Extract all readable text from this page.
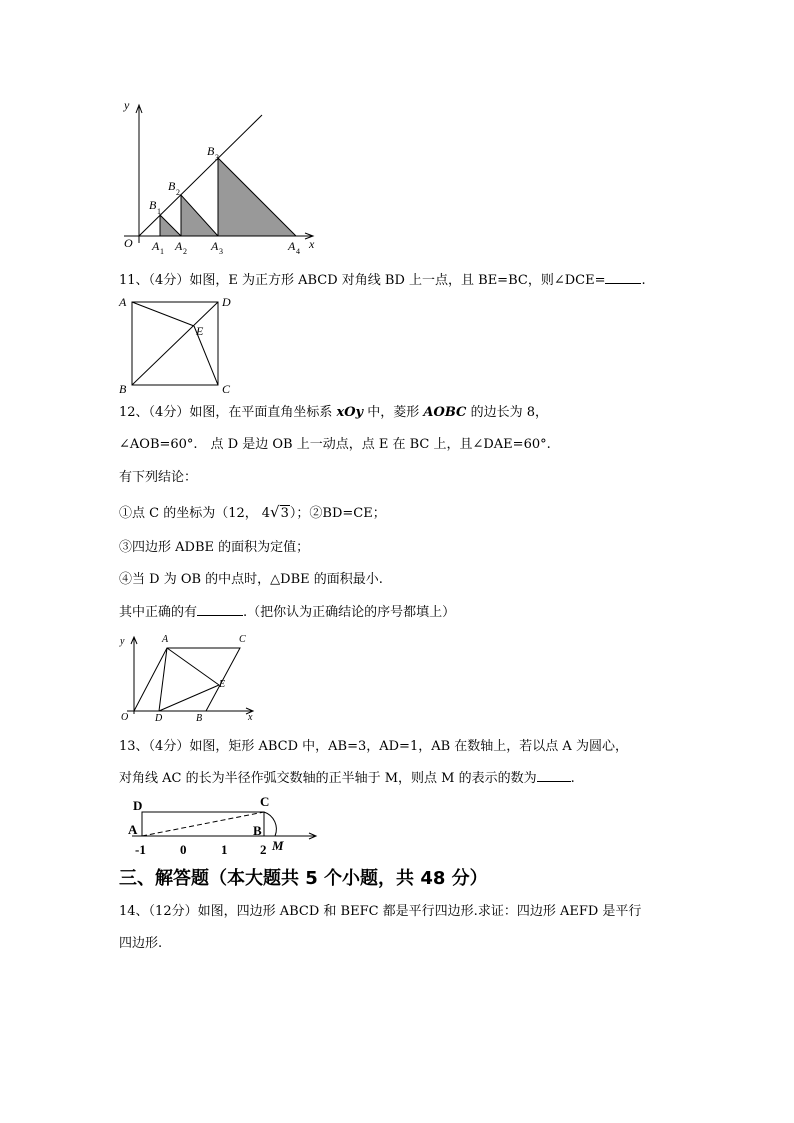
y
x
O
B 1
B 2
B 3
A 1 A 2 A 3	A 4
11、（4分）如图，E 为正方形 ABCD 对角线 BD 上一点，且 BE=BC，则∠DCE=	.
A	D
B	C
E
12、（4分）如图，在平面直角坐标系 xOy 中，菱形 AOBC 的边长为 8，
∠AOB=60°.　点 D 是边 OB 上一动点，点 E 在 BC 上，且∠DAE=60°.
有下列结论：
①点 C 的坐标为（12， 4√3）；②BD=CE；
③四边形 ADBE 的面积为定值；
④当 D 为 OB 的中点时，△DBE 的面积最小.
其中正确的有	.（把你认为正确结论的序号都填上）
y
x
O
A	C
D	B
E
13、（4分）如图，矩形 ABCD 中，AB=3，AD=1，AB 在数轴上，若以点 A 为圆心，
对角线 AC 的长为半径作弧交数轴的正半轴于 M，则点 M 的表示的数为	.
D	C
A	B
M
-1	0	1	2
三、解答题（本大题共 5 个小题，共 48 分）
14、（12分）如图，四边形 ABCD 和 BEFC 都是平行四边形.求证：四边形 AEFD 是平行
四边形.
